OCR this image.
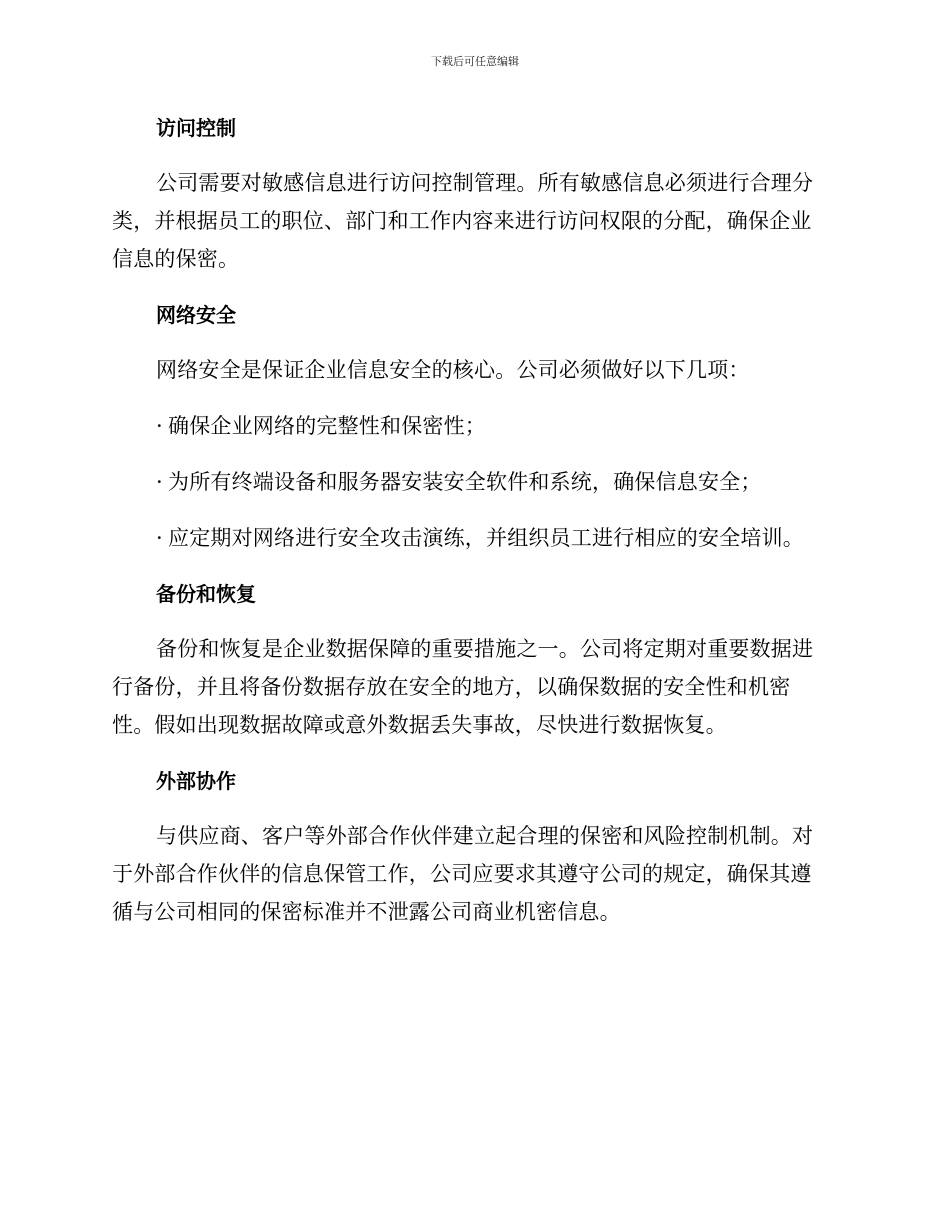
下载后可任意编辑
访问控制

公司需要对敏感信息进行访问控制管理。所有敏感信息必须进行合理分类，并根据员工的职位、部门和工作内容来进行访问权限的分配，确保企业信息的保密。

网络安全

网络安全是保证企业信息安全的核心。公司必须做好以下几项：

· 确保企业网络的完整性和保密性；

· 为所有终端设备和服务器安装安全软件和系统，确保信息安全；

· 应定期对网络进行安全攻击演练，并组织员工进行相应的安全培训。

备份和恢复

备份和恢复是企业数据保障的重要措施之一。公司将定期对重要数据进行备份，并且将备份数据存放在安全的地方，以确保数据的安全性和机密性。假如出现数据故障或意外数据丢失事故，尽快进行数据恢复。

外部协作

与供应商、客户等外部合作伙伴建立起合理的保密和风险控制机制。对于外部合作伙伴的信息保管工作，公司应要求其遵守公司的规定，确保其遵循与公司相同的保密标准并不泄露公司商业机密信息。
